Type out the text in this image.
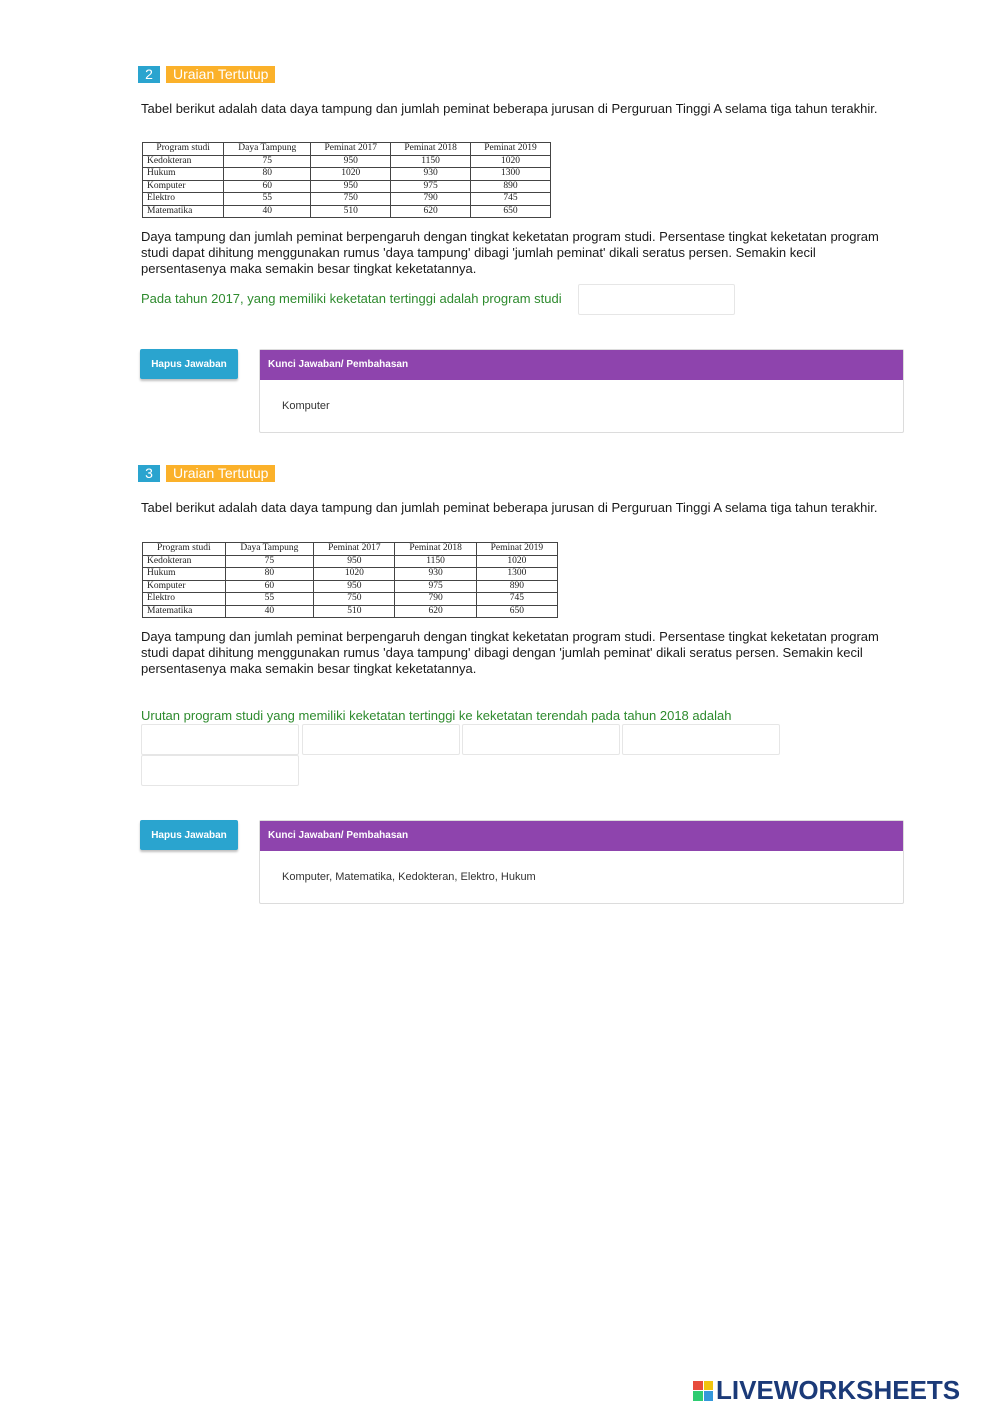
2	Uraian Tertutup
Tabel berikut adalah data daya tampung dan jumlah peminat beberapa jurusan di Perguruan Tinggi A selama tiga tahun terakhir.
Program studi	Daya Tampung	Peminat 2017	Peminat 2018	Peminat 2019
Kedokteran	75	950	1150	1020
Hukum	80	1020	930	1300
Komputer	60	950	975	890
Elektro	55	750	790	745
Matematika	40	510	620	650
Daya tampung dan jumlah peminat berpengaruh dengan tingkat keketatan program studi. Persentase tingkat keketatan program studi dapat dihitung menggunakan rumus 'daya tampung' dibagi 'jumlah peminat' dikali seratus persen. Semakin kecil persentasenya maka semakin besar tingkat keketatannya.
Pada tahun 2017, yang memiliki keketatan tertinggi adalah program studi
Hapus Jawaban	Kunci Jawaban/ Pembahasan
Komputer
3	Uraian Tertutup
Tabel berikut adalah data daya tampung dan jumlah peminat beberapa jurusan di Perguruan Tinggi A selama tiga tahun terakhir.
Program studi	Daya Tampung	Peminat 2017	Peminat 2018	Peminat 2019
Kedokteran	75	950	1150	1020
Hukum	80	1020	930	1300
Komputer	60	950	975	890
Elektro	55	750	790	745
Matematika	40	510	620	650
Daya tampung dan jumlah peminat berpengaruh dengan tingkat keketatan program studi. Persentase tingkat keketatan program studi dapat dihitung menggunakan rumus 'daya tampung' dibagi dengan 'jumlah peminat' dikali seratus persen. Semakin kecil persentasenya maka semakin besar tingkat keketatannya.
Urutan program studi yang memiliki keketatan tertinggi ke keketatan terendah pada tahun 2018 adalah
Hapus Jawaban	Kunci Jawaban/ Pembahasan
Komputer, Matematika, Kedokteran, Elektro, Hukum
LIVEWORKSHEETS
